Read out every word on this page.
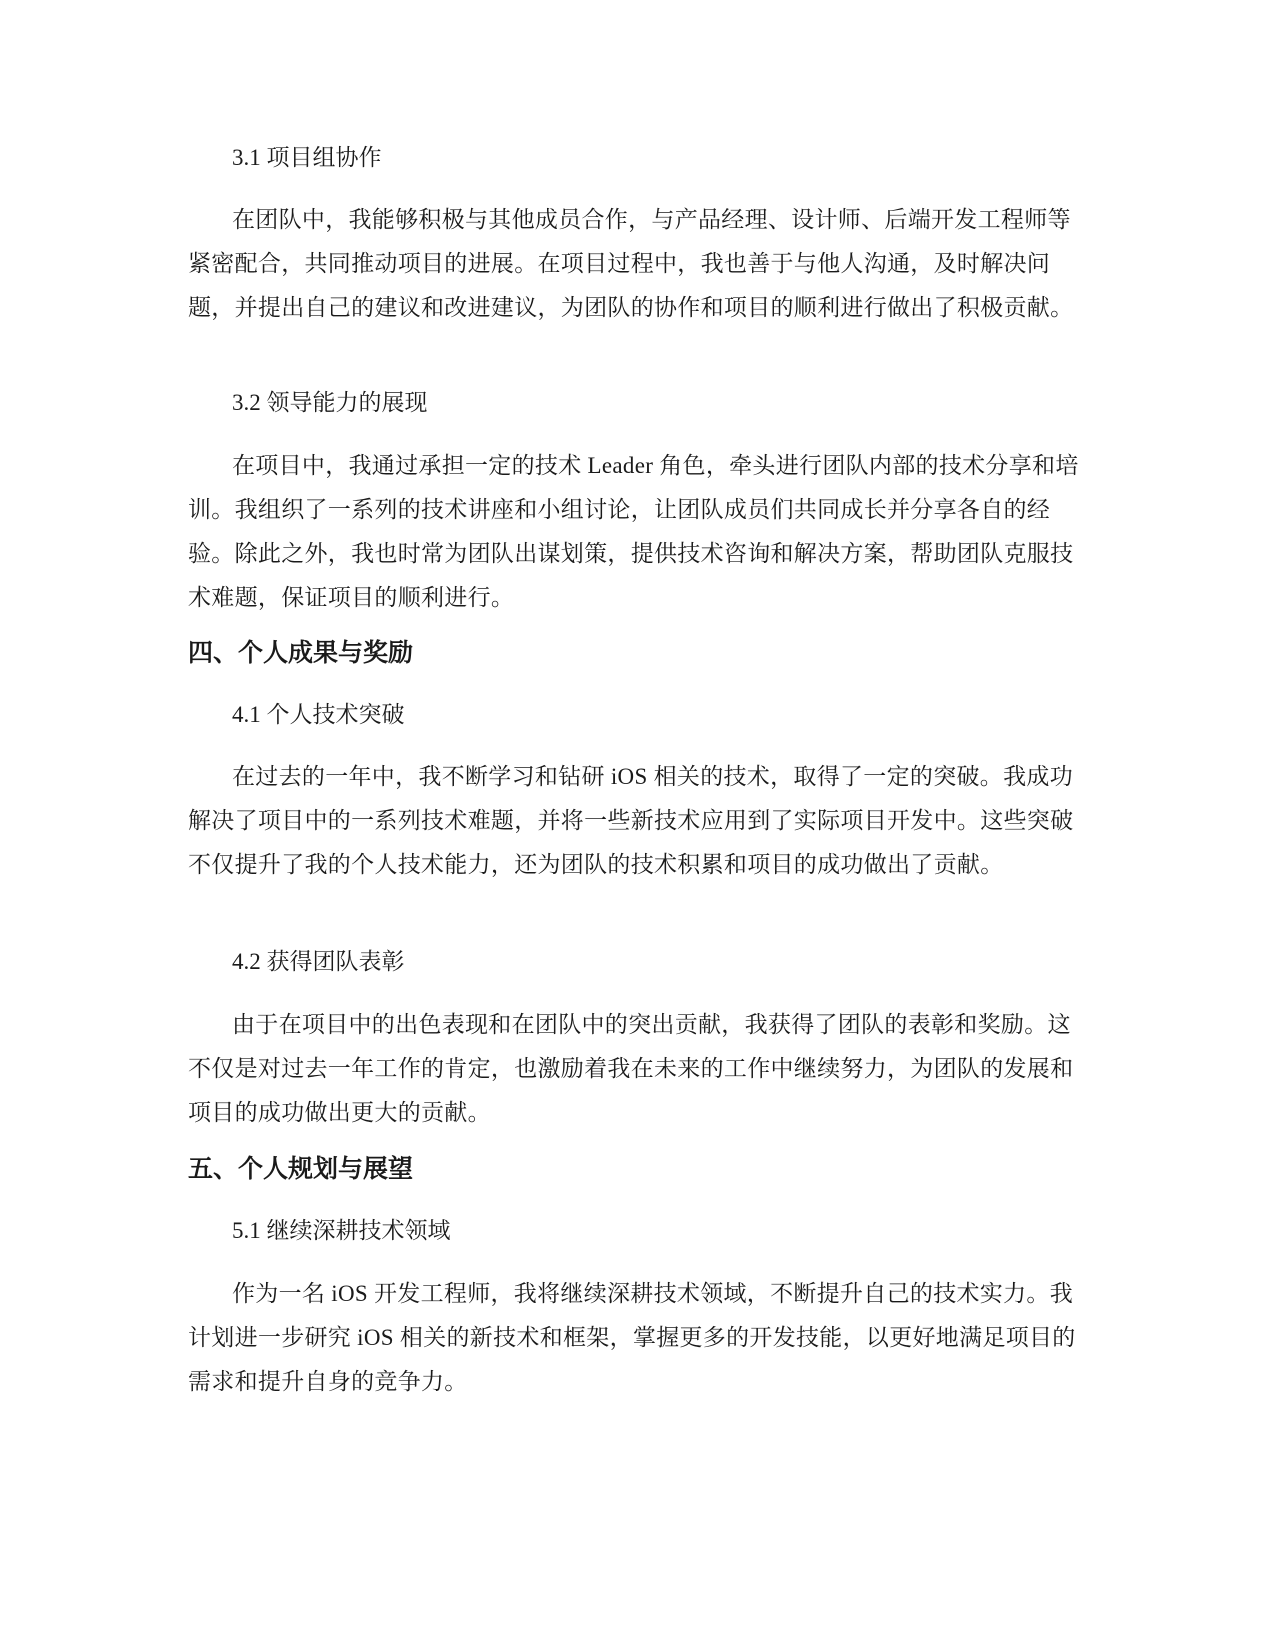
3.1 项目组协作
在团队中，我能够积极与其他成员合作，与产品经理、设计师、后端开发工程师等紧密配合，共同推动项目的进展。在项目过程中，我也善于与他人沟通，及时解决问题，并提出自己的建议和改进建议，为团队的协作和项目的顺利进行做出了积极贡献。
3.2 领导能力的展现
在项目中，我通过承担一定的技术 Leader 角色，牵头进行团队内部的技术分享和培训。我组织了一系列的技术讲座和小组讨论，让团队成员们共同成长并分享各自的经验。除此之外，我也时常为团队出谋划策，提供技术咨询和解决方案，帮助团队克服技术难题，保证项目的顺利进行。
四、个人成果与奖励
4.1 个人技术突破
在过去的一年中，我不断学习和钻研 iOS 相关的技术，取得了一定的突破。我成功解决了项目中的一系列技术难题，并将一些新技术应用到了实际项目开发中。这些突破不仅提升了我的个人技术能力，还为团队的技术积累和项目的成功做出了贡献。
4.2 获得团队表彰
由于在项目中的出色表现和在团队中的突出贡献，我获得了团队的表彰和奖励。这不仅是对过去一年工作的肯定，也激励着我在未来的工作中继续努力，为团队的发展和项目的成功做出更大的贡献。
五、个人规划与展望
5.1 继续深耕技术领域
作为一名 iOS 开发工程师，我将继续深耕技术领域，不断提升自己的技术实力。我计划进一步研究 iOS 相关的新技术和框架，掌握更多的开发技能，以更好地满足项目的需求和提升自身的竞争力。
